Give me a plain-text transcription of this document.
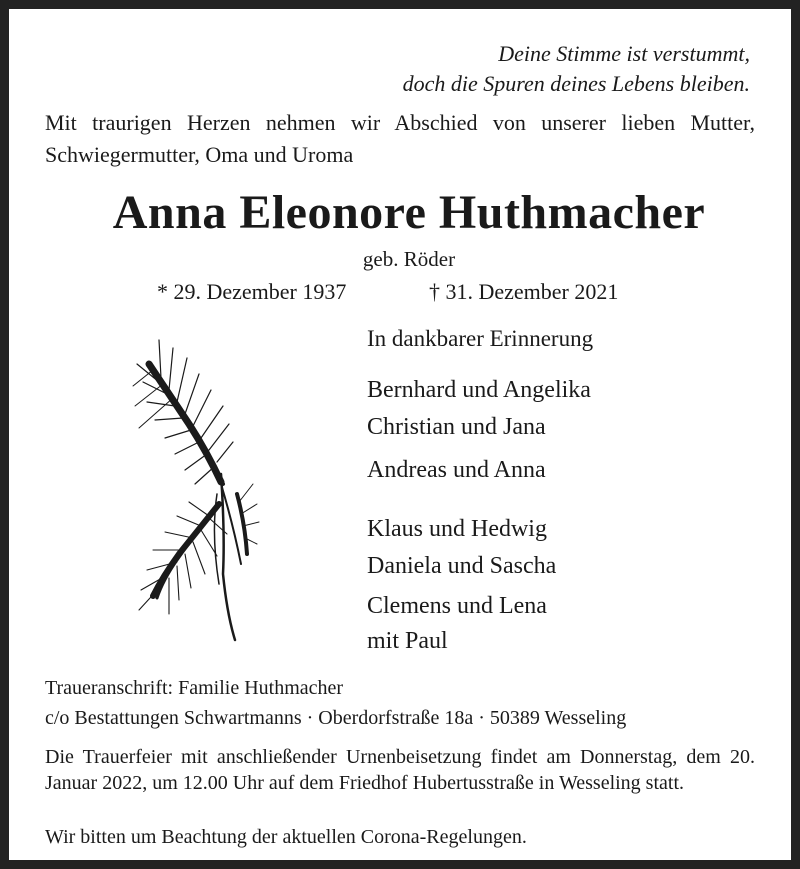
Deine Stimme ist verstummt,
doch die Spuren deines Lebens bleiben.
Mit traurigen Herzen nehmen wir Abschied von unserer lieben Mutter, Schwiegermutter, Oma und Uroma
Anna Eleonore Huthmacher
geb. Röder
* 29. Dezember 1937	† 31. Dezember 2021
In dankbarer Erinnerung
Bernhard und Angelika
Christian und Jana
Andreas und Anna
Klaus und Hedwig
Daniela und Sascha
Clemens und Lena
mit Paul
Traueranschrift: Familie Huthmacher
c/o Bestattungen Schwartmanns · Oberdorfstraße 18a · 50389 Wesseling
Die Trauerfeier mit anschließender Urnenbeisetzung findet am Donnerstag, dem 20. Januar 2022, um 12.00 Uhr auf dem Friedhof Hubertusstraße in Wesseling statt.
Wir bitten um Beachtung der aktuellen Corona-Regelungen.
